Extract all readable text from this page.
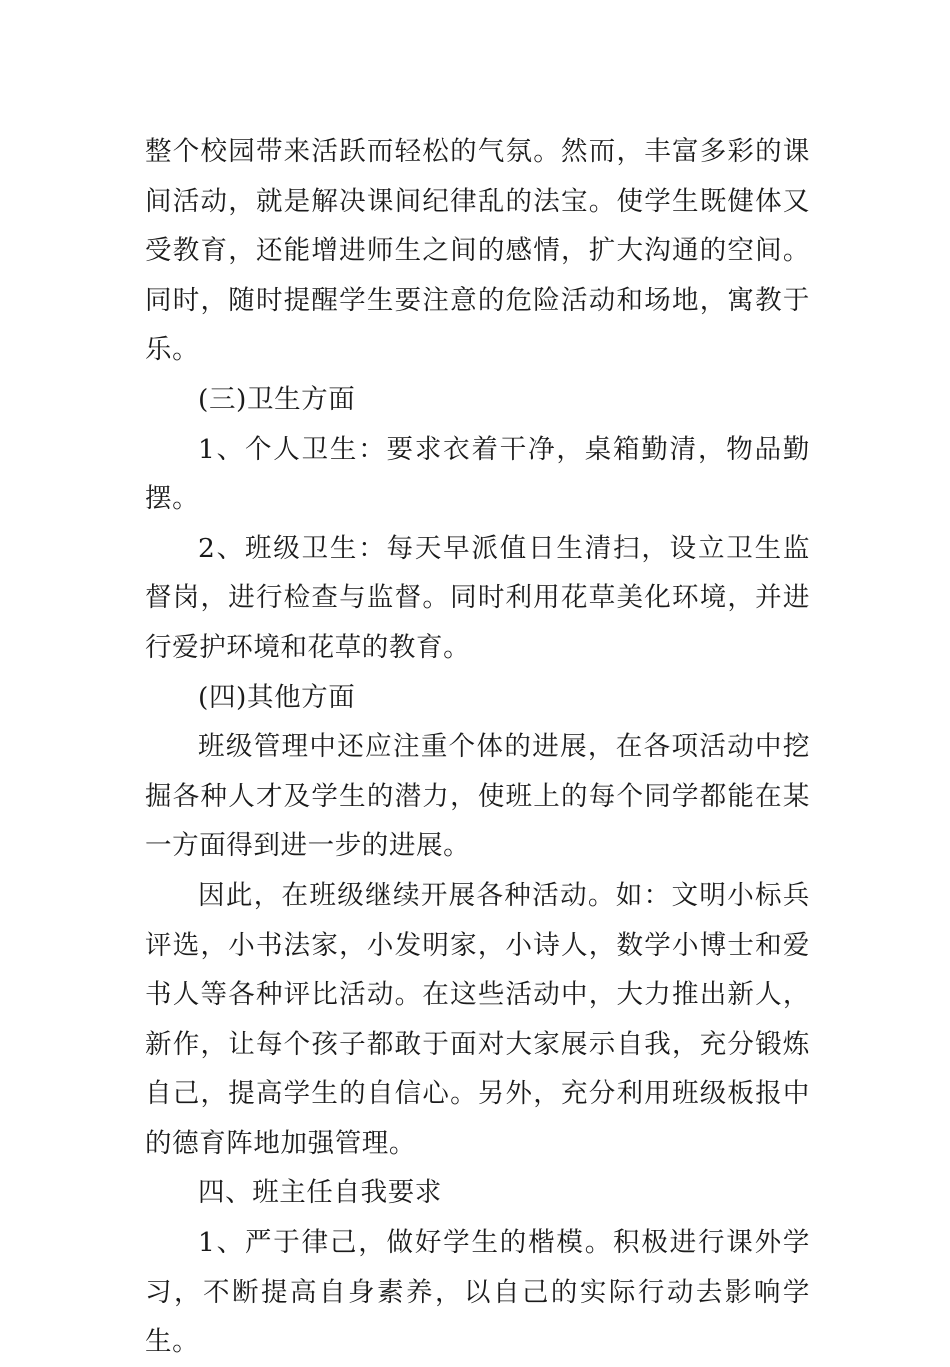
整个校园带来活跃而轻松的气氛。然而，丰富多彩的课间活动，就是解决课间纪律乱的法宝。使学生既健体又受教育，还能增进师生之间的感情，扩大沟通的空间。同时，随时提醒学生要注意的危险活动和场地，寓教于乐。

(三)卫生方面

1、个人卫生：要求衣着干净，桌箱勤清，物品勤摆。

2、班级卫生：每天早派值日生清扫，设立卫生监督岗，进行检查与监督。同时利用花草美化环境，并进行爱护环境和花草的教育。

(四)其他方面

班级管理中还应注重个体的进展，在各项活动中挖掘各种人才及学生的潜力，使班上的每个同学都能在某一方面得到进一步的进展。

因此，在班级继续开展各种活动。如：文明小标兵评选，小书法家，小发明家，小诗人，数学小博士和爱书人等各种评比活动。在这些活动中，大力推出新人，新作，让每个孩子都敢于面对大家展示自我，充分锻炼自己，提高学生的自信心。另外，充分利用班级板报中的德育阵地加强管理。

四、班主任自我要求

1、严于律己，做好学生的楷模。积极进行课外学习，不断提高自身素养，以自己的实际行动去影响学生。
